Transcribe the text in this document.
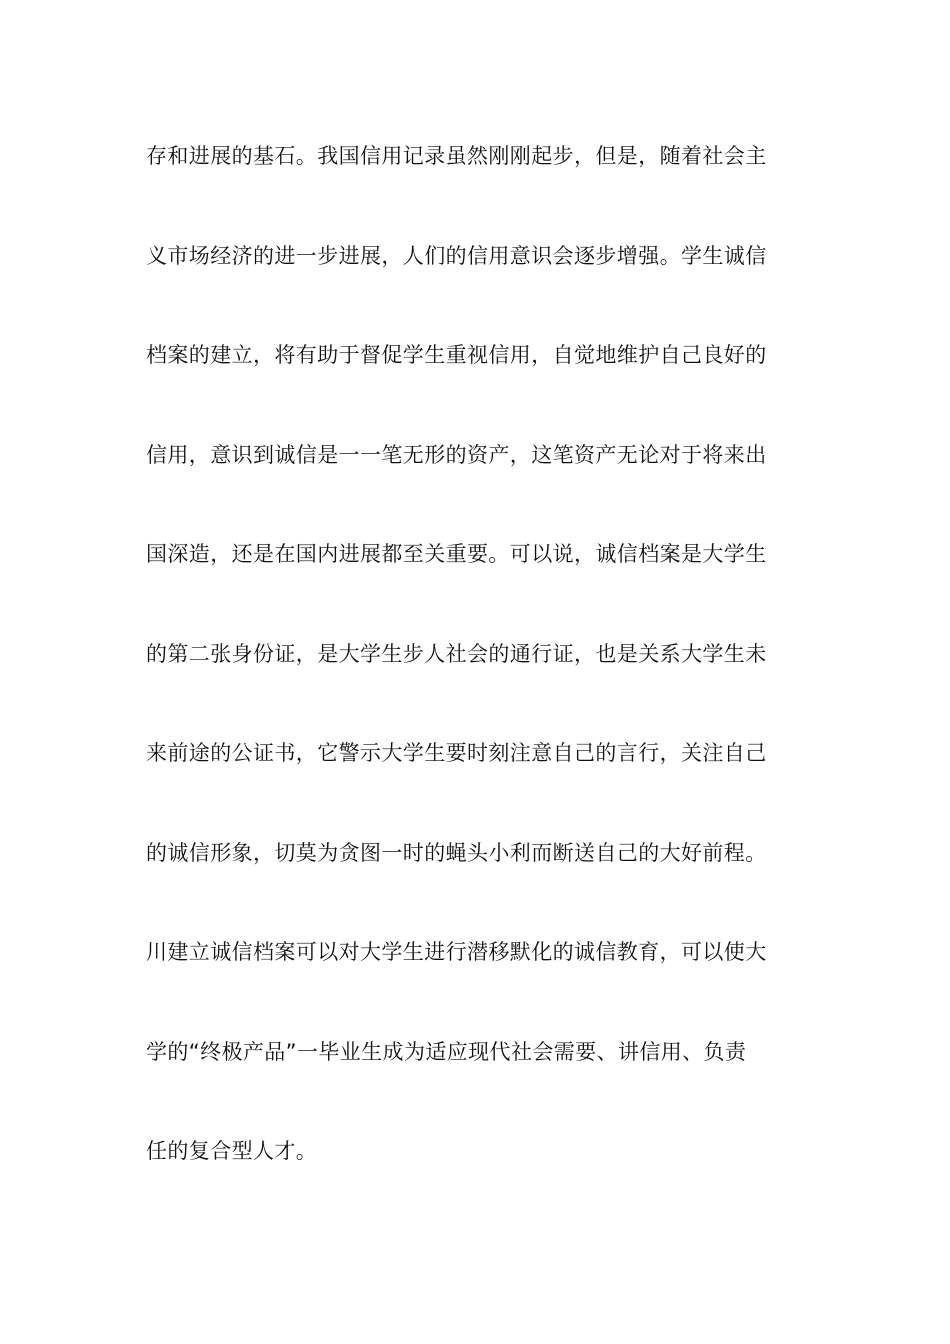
存和进展的基石。我国信用记录虽然刚刚起步，但是，随着社会主
义市场经济的进一步进展，人们的信用意识会逐步增强。学生诚信
档案的建立，将有助于督促学生重视信用，自觉地维护自己良好的
信用，意识到诚信是一一笔无形的资产，这笔资产无论对于将来出
国深造，还是在国内进展都至关重要。可以说，诚信档案是大学生
的第二张身份证，是大学生步人社会的通行证，也是关系大学生未
来前途的公证书，它警示大学生要时刻注意自己的言行，关注自己
的诚信形象，切莫为贪图一时的蝇头小利而断送自己的大好前程。
川建立诚信档案可以对大学生进行潜移默化的诚信教育，可以使大
学的“终极产品”一毕业生成为适应现代社会需要、讲信用、负责
任的复合型人才。
